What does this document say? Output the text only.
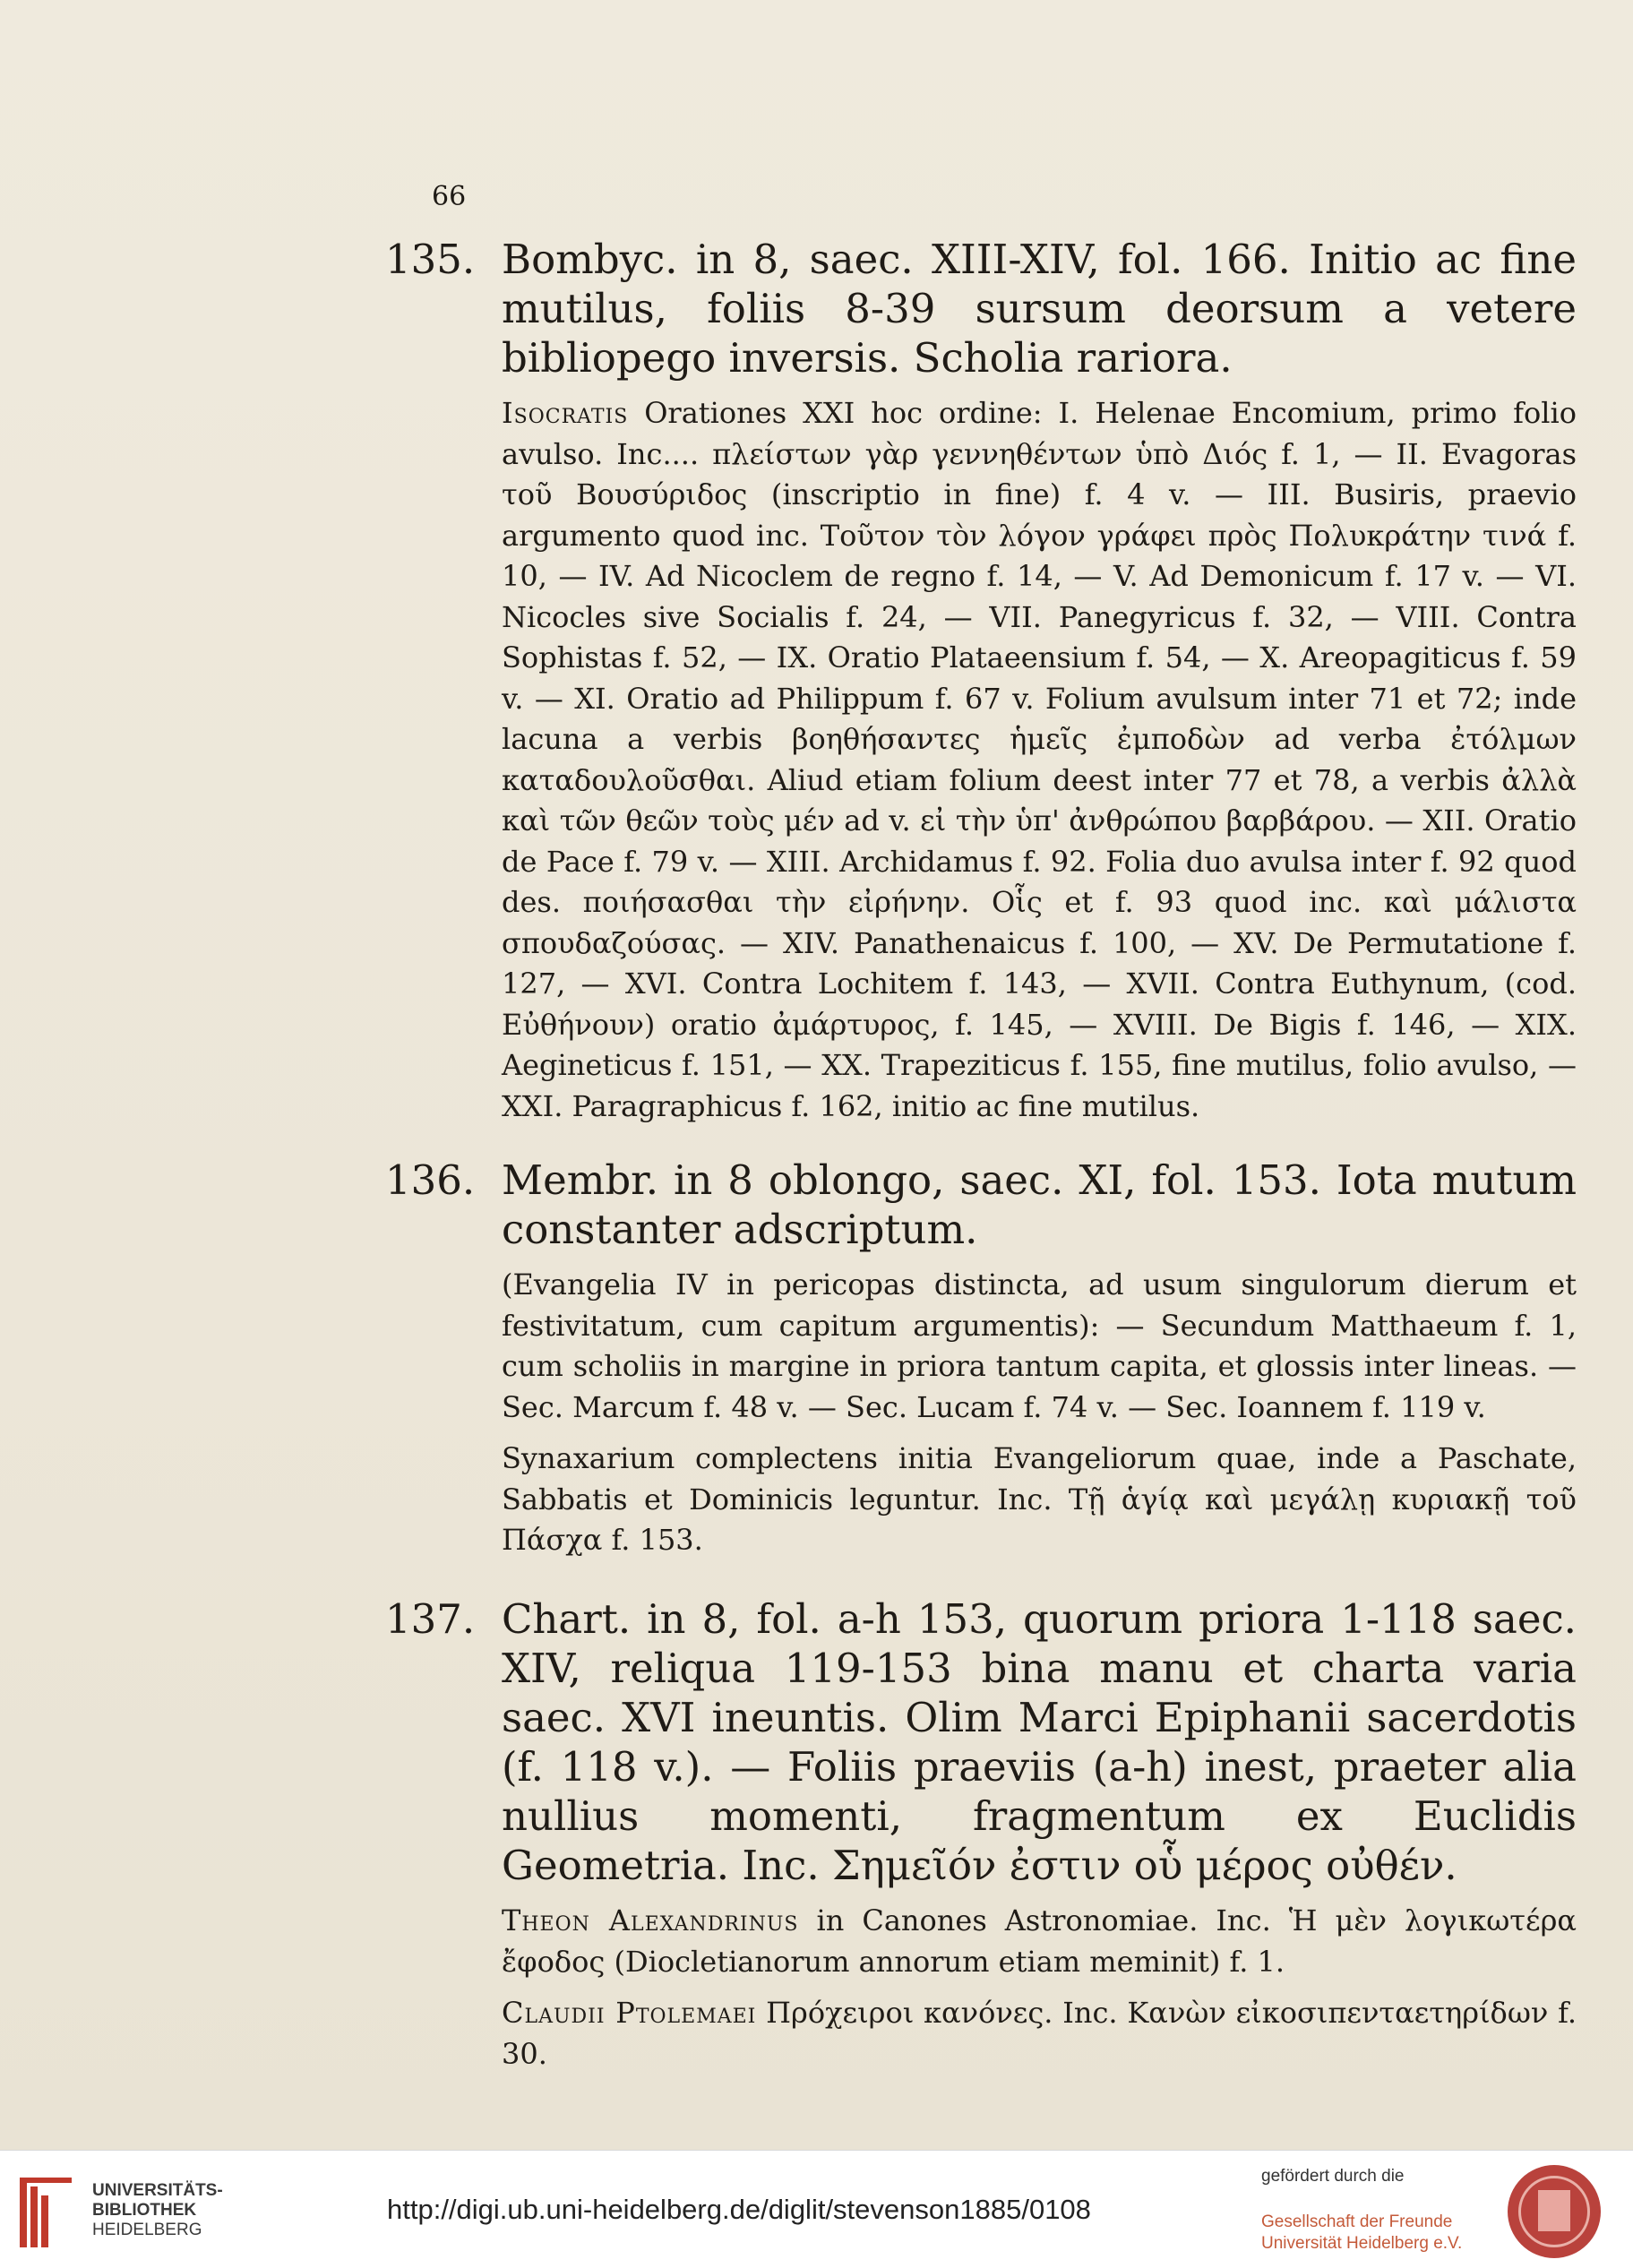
66
135. Bombyc. in 8, saec. XIII-XIV, fol. 166. Initio ac fine mutilus, foliis 8-39 sursum deorsum a vetere bibliopego inversis. Scholia rariora.
Isocratis Orationes XXI hoc ordine: I. Helenae Encomium, primo folio avulso. Inc.... πλείστων γὰρ γεννηθέντων ὑπὸ Διός f. 1, — II. Evagoras τοῦ Βουσύριδος (inscriptio in fine) f. 4 v. — III. Busiris, praevio argumento quod inc. Τοῦτον τὸν λόγον γράφει πρὸς Πολυκράτην τινά f. 10, — IV. Ad Nicoclem de regno f. 14, — V. Ad Demonicum f. 17 v. — VI. Nicocles sive Socialis f. 24, — VII. Panegyricus f. 32, — VIII. Contra Sophistas f. 52, — IX. Oratio Plataeensium f. 54, — X. Areopagiticus f. 59 v. — XI. Oratio ad Philippum f. 67 v. Folium avulsum inter 71 et 72; inde lacuna a verbis βοηθήσαντες ἡμεῖς ἐμποδὼν ad verba ἐτόλμων καταδουλοῦσθαι. Aliud etiam folium deest inter 77 et 78, a verbis ἀλλὰ καὶ τῶν θεῶν τοὺς μέν ad v. εἰ τὴν ὑπ' ἀνθρώπου βαρβάρου. — XII. Oratio de Pace f. 79 v. — XIII. Archidamus f. 92. Folia duo avulsa inter f. 92 quod des. ποιήσασθαι τὴν εἰρήνην. Οἷς et f. 93 quod inc. καὶ μάλιστα σπουδαζούσας. — XIV. Panathenaicus f. 100, — XV. De Permutatione f. 127, — XVI. Contra Lochitem f. 143, — XVII. Contra Euthynum, (cod. Εὐθήνουν) oratio ἀμάρτυρος, f. 145, — XVIII. De Bigis f. 146, — XIX. Aegineticus f. 151, — XX. Trapeziticus f. 155, fine mutilus, folio avulso, — XXI. Paragraphicus f. 162, initio ac fine mutilus.
136. Membr. in 8 oblongo, saec. XI, fol. 153. Iota mutum constanter adscriptum.
(Evangelia IV in pericopas distincta, ad usum singulorum dierum et festivitatum, cum capitum argumentis): — Secundum Matthaeum f. 1, cum scholiis in margine in priora tantum capita, et glossis inter lineas. — Sec. Marcum f. 48 v. — Sec. Lucam f. 74 v. — Sec. Ioannem f. 119 v.
Synaxarium complectens initia Evangeliorum quae, inde a Paschate, Sabbatis et Dominicis leguntur. Inc. Τῇ ἁγίᾳ καὶ μεγάλῃ κυριακῇ τοῦ Πάσχα f. 153.
137. Chart. in 8, fol. a-h 153, quorum priora 1-118 saec. XIV, reliqua 119-153 bina manu et charta varia saec. XVI ineuntis. Olim Marci Epiphanii sacerdotis (f. 118 v.). — Foliis praeviis (a-h) inest, praeter alia nullius momenti, fragmentum ex Euclidis Geometria. Inc. Σημεῖόν ἐστιν οὗ μέρος οὐθέν.
Theon Alexandrinus in Canones Astronomiae. Inc. Ἡ μὲν λογικωτέρα ἔφοδος (Diocletianorum annorum etiam meminit) f. 1.
Claudii Ptolemaei Πρόχειροι κανόνες. Inc. Κανὼν εἰκοσιπενταετηρίδων f. 30.
UNIVERSITÄTS-
BIBLIOTHEK
HEIDELBERG
http://digi.ub.uni-heidelberg.de/diglit/stevenson1885/0108
gefördert durch die
Gesellschaft der Freunde
Universität Heidelberg e.V.
